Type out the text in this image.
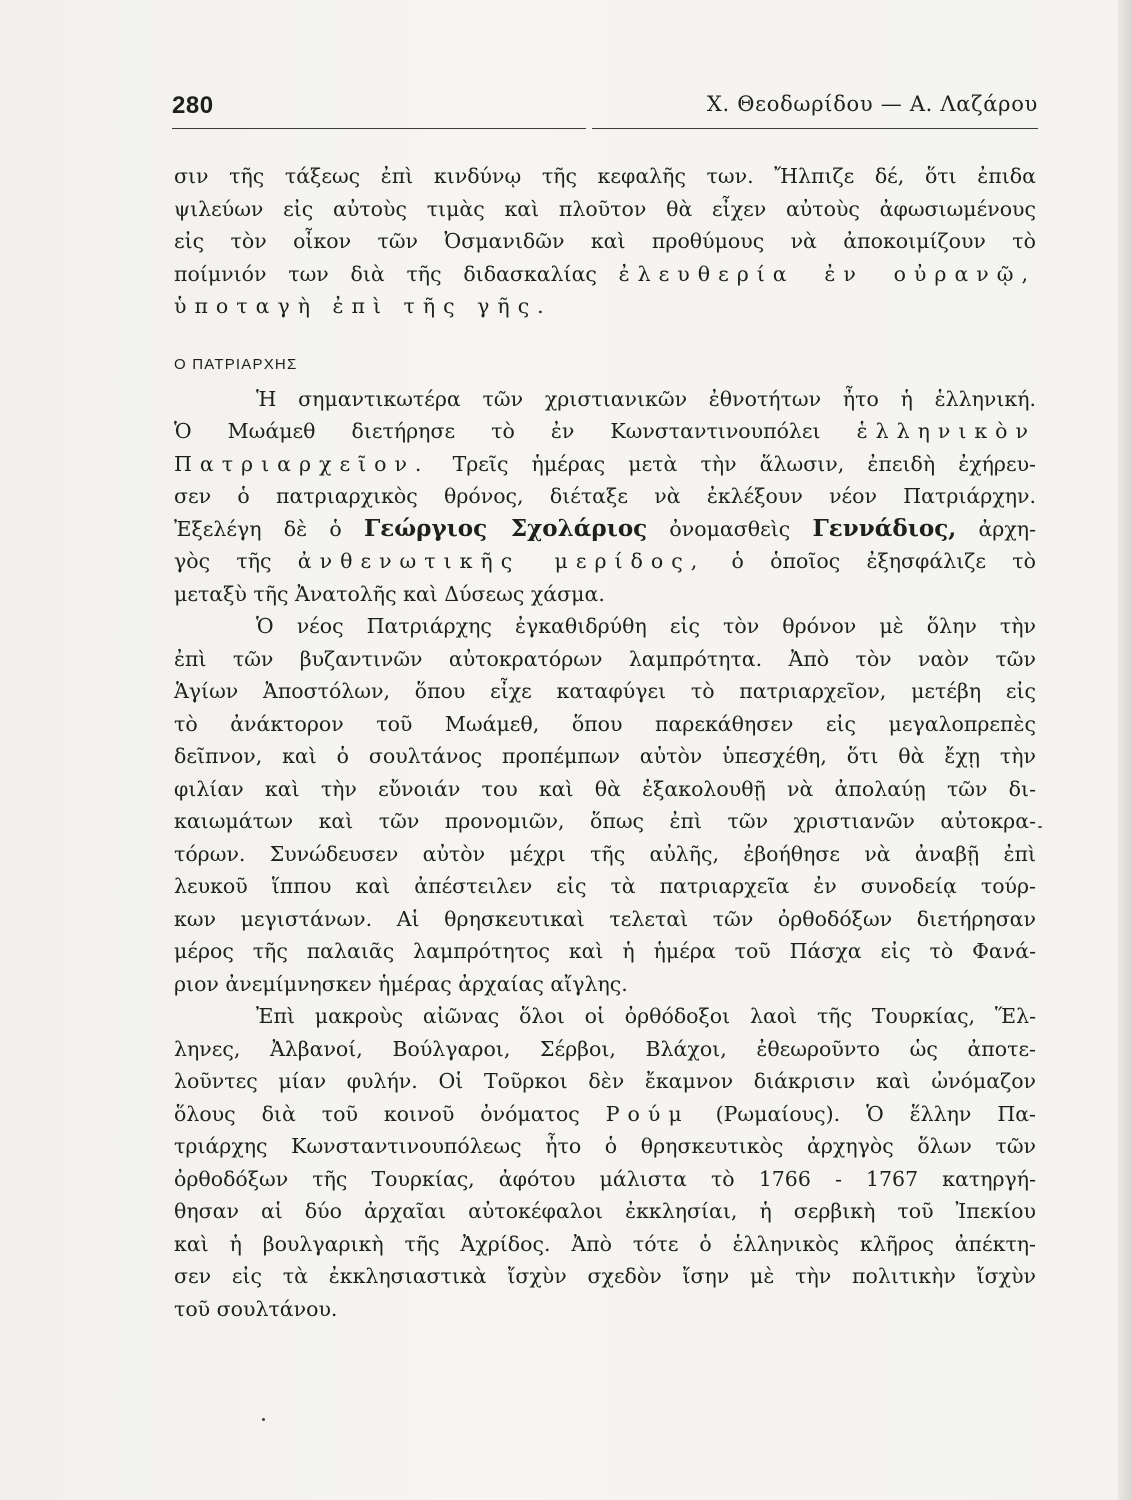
280	Χ. Θεοδωρίδου — Α. Λαζάρου
σιν τῆς τάξεως ἐπὶ κινδύνῳ τῆς κεφαλῆς των. Ἤλπιζε δέ, ὅτι ἐπιδα
ψιλεύων εἰς αὐτοὺς τιμὰς καὶ πλοῦτον θὰ εἶχεν αὐτοὺς ἀφωσιωμένους
εἰς τὸν οἶκον τῶν Ὀσμανιδῶν καὶ προθύμους νὰ ἀποκοιμίζουν τὸ
ποίμνιόν των διὰ τῆς διδασκαλίας ἐλευθερία ἐν οὐρανῷ,
ὑποταγὴ ἐπὶ τῆς γῆς.
Ο ΠΑΤΡΙΑΡΧΗΣ
Ἡ σημαντικωτέρα τῶν χριστιανικῶν ἐθνοτήτων ἦτο ἡ ἑλληνική.
Ὁ Μωάμεθ διετήρησε τὸ ἐν Κωνσταντινουπόλει ἑλληνικὸν
Πατριαρχεῖον. Τρεῖς ἡμέρας μετὰ τὴν ἅλωσιν, ἐπειδὴ ἐχήρευ-
σεν ὁ πατριαρχικὸς θρόνος, διέταξε νὰ ἐκλέξουν νέον Πατριάρχην.
Ἐξελέγη δὲ ὁ Γεώργιος Σχολάριος ὀνομασθεὶς Γεννάδιος, ἀρχη-
γὸς τῆς ἀνθενωτικῆς μερίδος, ὁ ὁποῖος ἐξησφάλιζε τὸ
μεταξὺ τῆς Ἀνατολῆς καὶ Δύσεως χάσμα.
Ὁ νέος Πατριάρχης ἐγκαθιδρύθη εἰς τὸν θρόνον μὲ ὅλην τὴν
ἐπὶ τῶν βυζαντινῶν αὐτοκρατόρων λαμπρότητα. Ἀπὸ τὸν ναὸν τῶν
Ἁγίων Ἀποστόλων, ὅπου εἶχε καταφύγει τὸ πατριαρχεῖον, μετέβη εἰς
τὸ ἀνάκτορον τοῦ Μωάμεθ, ὅπου παρεκάθησεν εἰς μεγαλοπρεπὲς
δεῖπνον, καὶ ὁ σουλτάνος προπέμπων αὐτὸν ὑπεσχέθη, ὅτι θὰ ἔχῃ τὴν
φιλίαν καὶ τὴν εὔνοιάν του καὶ θὰ ἐξακολουθῇ νὰ ἀπολαύῃ τῶν δι-
καιωμάτων καὶ τῶν προνομιῶν, ὅπως ἐπὶ τῶν χριστιανῶν αὐτοκρα-
τόρων. Συνώδευσεν αὐτὸν μέχρι τῆς αὐλῆς, ἐβοήθησε νὰ ἀναβῇ ἐπὶ
λευκοῦ ἵππου καὶ ἀπέστειλεν εἰς τὰ πατριαρχεῖα ἐν συνοδείᾳ τούρ-
κων μεγιστάνων. Αἱ θρησκευτικαὶ τελεταὶ τῶν ὀρθοδόξων διετήρησαν
μέρος τῆς παλαιᾶς λαμπρότητος καὶ ἡ ἡμέρα τοῦ Πάσχα εἰς τὸ Φανά-
ριον ἀνεμίμνησκεν ἡμέρας ἀρχαίας αἴγλης.
Ἐπὶ μακροὺς αἰῶνας ὅλοι οἱ ὀρθόδοξοι λαοὶ τῆς Τουρκίας, Ἕλ-
ληνες, Ἀλβανοί, Βούλγαροι, Σέρβοι, Βλάχοι, ἐθεωροῦντο ὡς ἀποτε-
λοῦντες μίαν φυλήν. Οἱ Τοῦρκοι δὲν ἔκαμνον διάκρισιν καὶ ὠνόμαζον
ὅλους διὰ τοῦ κοινοῦ ὀνόματος Ρούμ (Ρωμαίους). Ὁ ἕλλην Πα-
τριάρχης Κωνσταντινουπόλεως ἦτο ὁ θρησκευτικὸς ἀρχηγὸς ὅλων τῶν
ὀρθοδόξων τῆς Τουρκίας, ἀφότου μάλιστα τὸ 1766 - 1767 κατηργή-
θησαν αἱ δύο ἀρχαῖαι αὐτοκέφαλοι ἐκκλησίαι, ἡ σερβικὴ τοῦ Ἰπεκίου
καὶ ἡ βουλγαρικὴ τῆς Ἀχρίδος. Ἀπὸ τότε ὁ ἑλληνικὸς κλῆρος ἀπέκτη-
σεν εἰς τὰ ἐκκλησιαστικὰ ἴσχὺν σχεδὸν ἴσην μὲ τὴν πολιτικὴν ἴσχὺν
τοῦ σουλτάνου.
